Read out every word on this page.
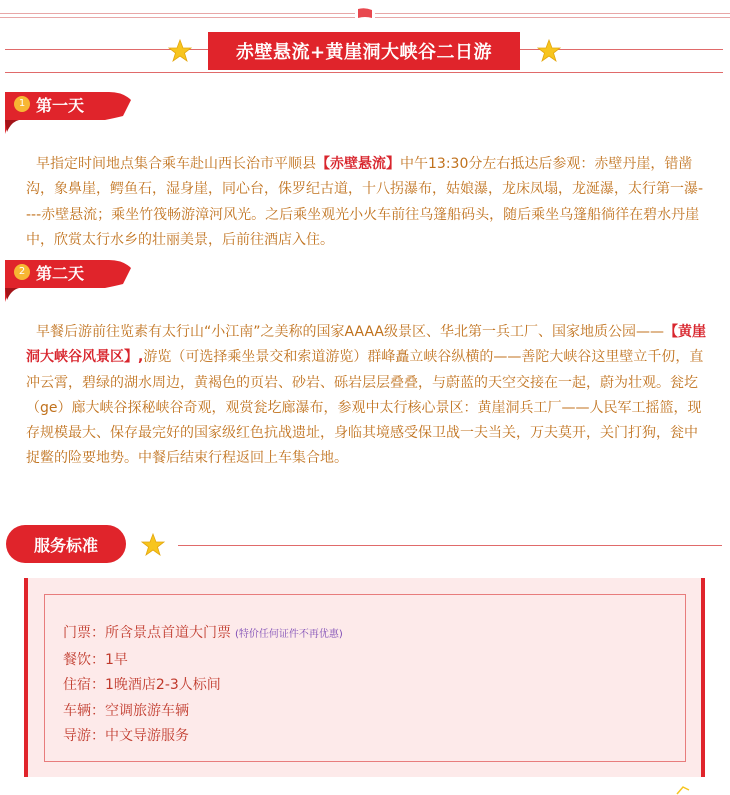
赤壁悬流+黄崖洞大峡谷二日游
1 第一天
早指定时间地点集合乘车赴山西长治市平顺县【赤壁悬流】中午13:30分左右抵达后参观：赤壁丹崖，错凿沟，象鼻崖，鳄鱼石，湿身崖，同心台，侏罗纪古道，十八拐瀑布，姑娘瀑，龙床凤塌，龙涎瀑，太行第一瀑----赤壁悬流；乘坐竹筏畅游漳河风光。之后乘坐观光小火车前往乌篷船码头，随后乘坐乌篷船徜徉在碧水丹崖中，欣赏太行水乡的壮丽美景，后前往酒店入住。
2 第二天
早餐后游前往览素有太行山“小江南”之美称的国家AAAA级景区、华北第一兵工厂、国家地质公园——【黄崖洞大峡谷风景区】,游览（可选择乘坐景交和索道游览）群峰矗立峡谷纵横的——善陀大峡谷这里壁立千仞，直冲云霄，碧绿的湖水周边，黄褐色的页岩、砂岩、砾岩层层叠叠，与蔚蓝的天空交接在一起，蔚为壮观。瓮圪（ge）廊大峡谷探秘峡谷奇观，观赏瓮圪廊瀑布，参观中太行核心景区：黄崖洞兵工厂——人民军工摇篮，现存规模最大、保存最完好的国家级红色抗战遗址，身临其境感受保卫战一夫当关，万夫莫开，关门打狗，瓮中捉鳖的险要地势。中餐后结束行程返回上车集合地。
服务标准
门票：所含景点首道大门票 (特价任何证件不再优惠)
餐饮：1早
住宿：1晚酒店2-3人标间
车辆：空调旅游车辆
导游：中文导游服务
